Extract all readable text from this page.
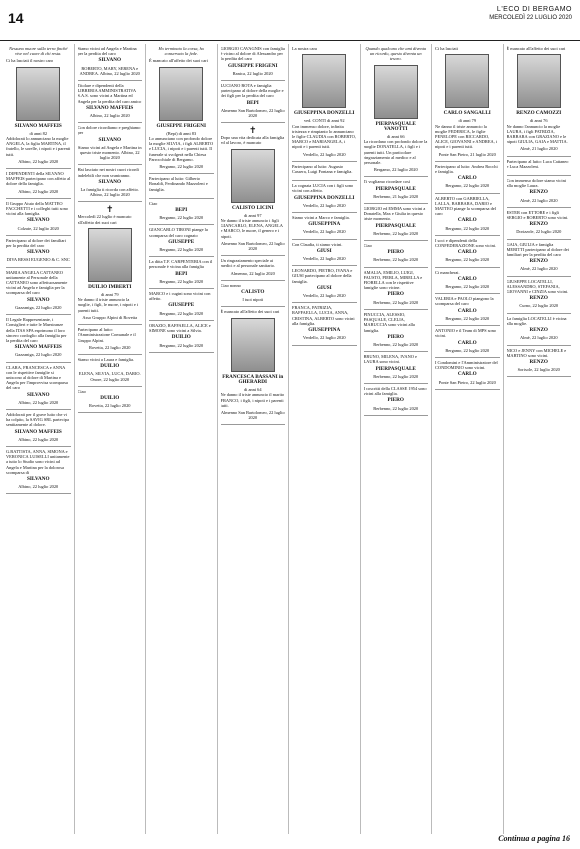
14
L'ECO DI BERGAMO
MERCOLEDÌ 22 LUGLIO 2020

Nessuno muore sulla terra finché vive nel cuore di chi resta.

Ci ha lasciati il nostro caro

SILVANO MAFFEIS
di anni 82

Addolorati lo annunciano la moglie ANGELA, la figlia MARTINA, il fratello, le sorelle, i nipoti e i parenti tutti.

Albino, 22 luglio 2020

I DIPENDENTI della SILVANO MAFFEIS partecipano con affetto al dolore della famiglia.

Albino, 22 luglio 2020

Il Gruppo Aiuto della MATTEO FACCHETTI e i colleghi tutti sono vicini alla famiglia.

SILVANO
Colzate, 22 luglio 2020

Partecipano al dolore dei familiari per la perdita del caro

SILVANO
DIVA RESSI EUGENIO & C. SNC

MARIA ANGELA CATTANEO unitamente al Personale della CATTANEO sono affettuosamente vicini ad Angela e famiglia per la scomparsa del caro

SILVANO
Gazzaniga, 22 luglio 2020

Il Legale Rappresentante, i Consiglieri e tutte le Maestranze della ITAS SPA esprimono il loro sincero cordoglio alla famiglia per la perdita del caro

SILVANO MAFFEIS
Gazzaniga, 22 luglio 2020

CLARA, FRANCESCA e ANNA con le rispettive famiglie si uniscono al dolore di Martina e Angela per l'improvvisa scomparsa del caro

SILVANO
Albino, 22 luglio 2020

Addolorati per il grave lutto che vi ha colpito, la SAVIG SRL partecipa sentitamente al dolore.

SILVANO MAFFEIS
Albino, 22 luglio 2020

G.BATTISTA, ANNA, SIMONA e VERONICA LUISELLI unitamente a tutto lo Studio sono vicini ad Angela e Martina per la dolorosa scomparsa di

SILVANO
Albino, 22 luglio 2020

Siamo vicini ad Angela e Martina per la perdita del caro

SILVANO
ROBERTO, MARY, SERENA e ANDREA. Albino, 22 luglio 2020

Titolare e dipendenti della LIBRERIA AMMINISTRATIVA S.A.S. sono vicini a Martina ed Angela per la perdita del caro amico

SILVANO MAFFEIS
Albino, 22 luglio 2020

Con dolore ricordiamo e preghiamo per

SILVANO
Siamo vicini ad Angela e Martina in questo triste momento. Albino, 22 luglio 2020

Hai lasciato nei nostri cuori ricordi indelebili che non svaniranno.

SILVANO
La famiglia ti ricorda con affetto. Albino, 22 luglio 2020
✝

Mercoledì 22 luglio è mancato all'affetto dei suoi cari

DUILIO IMBERTI
di anni 79

Ne danno il triste annuncio la moglie, i figli, le nuore, i nipoti e i parenti tutti.

Asso Gruppo Alpini di Rovetta

Partecipano al lutto: l'Amministrazione Comunale e il Gruppo Alpini.

Rovetta, 22 luglio 2020

Siamo vicini a Laura e famiglia.

DUILIO
ELENA, SILVIA, LUCA, DARIO. Onore, 22 luglio 2020

Ciao

DUILIO
Rovetta, 22 luglio 2020

Ho terminato la corsa, ho conservato la fede.

È mancato all'affetto dei suoi cari

GIUSEPPE FRIGENI
(Bepi) di anni 83

Lo annunciano con profondo dolore la moglie SILVIA, i figli ALBERTO e LUCIA, i nipoti e i parenti tutti. Il funerale si svolgerà nella Chiesa Parrocchiale di Bergamo.

Bergamo, 22 luglio 2020

Partecipano al lutto: Gilberto Bonaldi, Ferdinando Mazzoleni e famiglia.

Ciao

BEPI
Bergamo, 22 luglio 2020

GIANCARLO TIRONI piange la scomparsa del caro cognato

GIUSEPPE
Bergamo, 22 luglio 2020

La ditta T.F. CARPENTERIA con il personale è vicina alla famiglia

BEPI
Bergamo, 22 luglio 2020

MARCO e i cugini sono vicini con affetto.

GIUSEPPE
Bergamo, 22 luglio 2020

ORAZIO, RAFFAELLA, ALICE e SIMONE sono vicini a Silvia.

DUILIO
Bergamo, 22 luglio 2020

GIORGIO CAVAGNIS con famiglia è vicino al dolore di Alessandro per la perdita del caro

GIUSEPPE FRIGENI
Ranica, 22 luglio 2020

LUCIANO ROTA e famiglia partecipano al dolore della moglie e dei figli per la perdita del caro

BEPI
Almenno San Bartolomeo, 22 luglio 2020
✝

Dopo una vita dedicata alla famiglia ed al lavoro, è mancato

CALISTO LICINI
di anni 97

Ne danno il triste annuncio i figli GIANCARLO, ELENA, ANGELA e MARCO, le nuore, il genero e i nipoti.

Almenno San Bartolomeo, 22 luglio 2020

Un ringraziamento speciale ai medici e al personale sanitario.

Almenno, 22 luglio 2020

Ciao nonno

CALISTO
I tuoi nipoti

È mancato all'affetto dei suoi cari

FRANCESCA BASSANI in GHERARDI
di anni 64

Ne danno il triste annuncio il marito FRANCO, i figli, i nipoti e i parenti tutti.

Almenno San Bartolomeo, 22 luglio 2020

La nostra cara

GIUSEPPINA DONZELLI
ved. CONTI di anni 92

Con immenso dolore, infinita tristezza e rimpianto lo annunciano le figlie CLAUDIA con ROBERTO, MARCO e MARIANGELA, i nipoti e i parenti tutti.

Verdello, 22 luglio 2020

Partecipano al lutto: Augusto Cassera, Luigi Fontana e famiglia.

La cognata LUCIA con i figli sono vicini con affetto.

GIUSEPPINA DONZELLI
Verdello, 22 luglio 2020

Siamo vicini a Marco e famiglia.

GIUSEPPINA
Verdello, 22 luglio 2020

Con Claudia, ti siamo vicini.

GIUSI
Verdello, 22 luglio 2020

LEONARDO, PIETRO, IVANA e GIUSI partecipano al dolore della famiglia.

GIUSI
Verdello, 22 luglio 2020

FRANCA, PATRIZIA, RAFFAELLA, LUCIA, ANNA, CRISTINA, ALBERTO sono vicini alla famiglia.

GIUSEPPINA
Verdello, 22 luglio 2020

Quando qualcuno che ami diventa un ricordo, questo diventa un tesoro.

PIERPASQUALE VANOTTI
di anni 66

La ricordano con profondo dolore la moglie DONATELLA, i figli e i parenti tutti. Un particolare ringraziamento al medico e al personale.

Bergamo, 22 luglio 2020

Ti vogliamo ricordare così

PIERPASQUALE
Berbenno, 21 luglio 2020

GIORGIO ed EMMA sono vicini a Donatella, Max e Giulia in questo triste momento.

PIERPASQUALE
Berbenno, 22 luglio 2020

Ciao

PIERO
Berbenno, 22 luglio 2020

AMALIA, EMILIO, LUIGI, FAUSTO, PIERLA, MIRELLA e FIORELLA con le rispettive famiglie sono vicine.

PIERO
Berbenno, 22 luglio 2020

PINUCCIA, ALESSIO, PASQUALE, CLELIA, MARUCCIA sono vicini alla famiglia.

PIERO
Berbenno, 22 luglio 2020

BRUNO, MILENA, IVANO e LAURA sono vicini.

PIERPASQUALE
Berbenno, 22 luglio 2020

I coscritti della CLASSE 1954 sono vicini alla famiglia.

PIERO
Berbenno, 22 luglio 2020

Ci ha lasciati

CARLO SANGALLI
di anni 79

Ne danno il triste annuncio la moglie FEDERICA, le figlie PENELOPE con RICCARDO, ALICE, GIOVANNI e ANDREA, i nipoti e i parenti tutti.

Ponte San Pietro, 21 luglio 2020

Partecipano al lutto: Andrea Rocchi e famiglia.

CARLO
Bergamo, 22 luglio 2020

ALBERTO con GABRIELLA, LALLA, BARBARA, DARIO e MATTEO piange la scomparsa del caro

CARLO
Bergamo, 22 luglio 2020

I soci e dipendenti della CONFEDERAZIONE sono vicini.

CARLO
Bergamo, 22 luglio 2020

Ci mancherai.

CARLO
Bergamo, 22 luglio 2020

VALERIA e PAOLO piangono la scomparsa del caro

CARLO
Bergamo, 22 luglio 2020

ANTONIO e il Team di MPS sono vicini.

CARLO
Bergamo, 22 luglio 2020

I Condomini e l'Amministratore del CONDOMINIO sono vicini.

CARLO
Ponte San Pietro, 22 luglio 2020

È mancato all'affetto dei suoi cari

RENZO CAMOZZI
di anni 76

Ne danno l'annuncio la moglie LAURA, i figli PATRIZIA, BARBARA con GRAZIANO e le nipoti GIULIA, GAIA e MATTIA.

Almè, 21 luglio 2020

Partecipano al lutto: Luca Cattaneo e Luca Mazzoleni.

Con immenso dolore siamo vicini alla moglie Laura.

RENZO
Almè, 22 luglio 2020

ESTER con ETTORE e i figli SERGIO e ROBERTO sono vicini.

RENZO
Dorizzole, 22 luglio 2020

GAIA, GIULIA e famiglia MERITTI partecipano al dolore dei familiari per la perdita del caro

RENZO
Almè, 22 luglio 2020

GIUSEPPE LOCATELLI, ALESSANDRO, STEFANIA, GIOVANNI e CINZIA sono vicini.

RENZO
Curno, 22 luglio 2020

La famiglia LOCATELLI è vicina alla moglie.

RENZO
Almè, 22 luglio 2020

NICO e JENNY con MICHELE e MARTINO sono vicini.

RENZO
Sorisole, 22 luglio 2020
Continua a pagina 16
